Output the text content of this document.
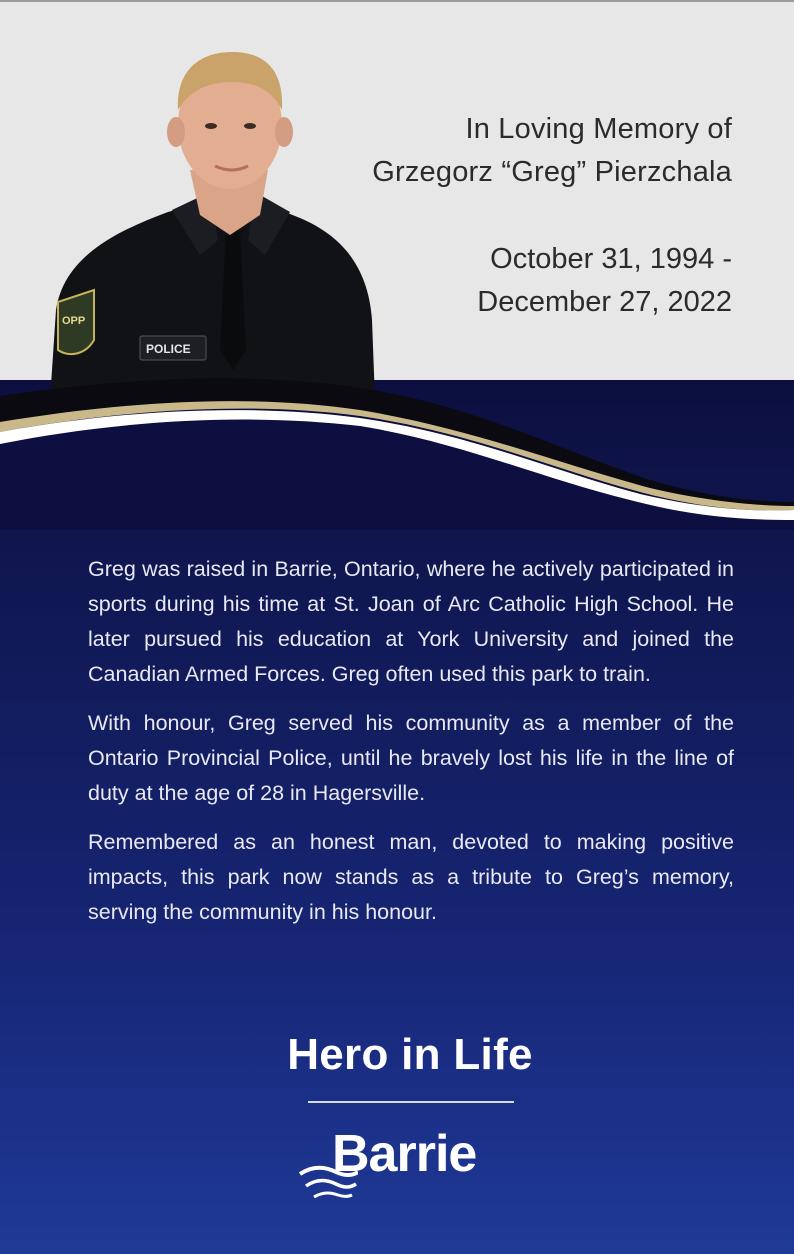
OPP
POLICE
In Loving Memory of
Grzegorz “Greg” Pierzchala
October 31, 1994 -
December 27, 2022

Greg was raised in Barrie, Ontario, where he actively participated in sports during his time at St. Joan of Arc Catholic High School. He later pursued his education at York University and joined the Canadian Armed Forces. Greg often used this park to train.

With honour, Greg served his community as a member of the Ontario Provincial Police, until he bravely lost his life in the line of duty at the age of 28 in Hagersville.

Remembered as an honest man, devoted to making positive impacts, this park now stands as a tribute to Greg’s memory, serving the community in his honour.

Hero in Life
Barrie
